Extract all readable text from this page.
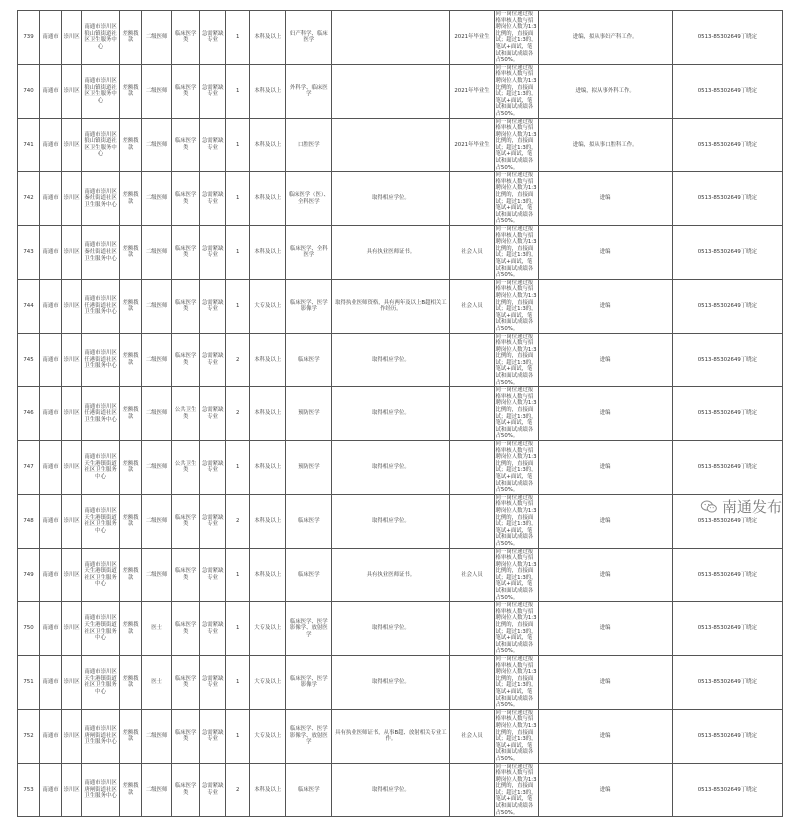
739	南通市	崇川区	南通市崇川区狼山镇街道社区卫生服务中心	差额拨款	二级医师	临床医学类	急需紧缺专业	1	本科及以上	妇产科学、临床医学		2021年毕业生	同一岗位递过报格审核人数与招聘岗位人数为1:3比例的，直接面试；超过1:3的，笔试+面试，笔试和面试成绩各占50%。	进编，拟从事妇产科工作。	0513-85302649丁晓定
740	南通市	崇川区	南通市崇川区狼山镇街道社区卫生服务中心	差额拨款	二级医师	临床医学类	急需紧缺专业	1	本科及以上	外科学、临床医学		2021年毕业生	同一岗位递过报格审核人数与招聘岗位人数为1:3比例的，直接面试；超过1:3的，笔试+面试，笔试和面试成绩各占50%。	进编，拟从事外科工作。	0513-85302649丁晓定
741	南通市	崇川区	南通市崇川区狼山镇街道社区卫生服务中心	差额拨款	二级医师	临床医学类	急需紧缺专业	1	本科及以上	口腔医学		2021年毕业生	同一岗位递过报格审核人数与招聘岗位人数为1:3比例的，直接面试；超过1:3的，笔试+面试，笔试和面试成绩各占50%。	进编，拟从事口腔科工作。	0513-85302649丁晓定
742	南通市	崇川区	南通市崇川区秦灶街道社区卫生服务中心	差额拨款	二级医师	临床医学类	急需紧缺专业	1	本科及以上	临床医学（医）、全科医学	取得相应学位。		同一岗位递过报格审核人数与招聘岗位人数为1:3比例的，直接面试；超过1:3的，笔试+面试，笔试和面试成绩各占50%。	进编	0513-85302649丁晓定
743	南通市	崇川区	南通市崇川区秦灶街道社区卫生服务中心	差额拨款	二级医师	临床医学类	急需紧缺专业	1	本科及以上	临床医学、全科医学	具有执业医师证书。	社会人员	同一岗位递过报格审核人数与招聘岗位人数为1:3比例的，直接面试；超过1:3的，笔试+面试，笔试和面试成绩各占50%。	进编	0513-85302649丁晓定
744	南通市	崇川区	南通市崇川区任港街道社区卫生服务中心	差额拨款	二级医师	临床医学类	急需紧缺专业	1	大专及以上	临床医学、医学影像学	取得执业医师资格，具有两年及以上B超相关工作经历。	社会人员	同一岗位递过报格审核人数与招聘岗位人数为1:3比例的，直接面试；超过1:3的，笔试+面试，笔试和面试成绩各占50%。	进编	0513-85302649丁晓定
745	南通市	崇川区	南通市崇川区任港街道社区卫生服务中心	差额拨款	二级医师	临床医学类	急需紧缺专业	2	本科及以上	临床医学	取得相应学位。		同一岗位递过报格审核人数与招聘岗位人数为1:3比例的，直接面试；超过1:3的，笔试+面试，笔试和面试成绩各占50%。	进编	0513-85302649丁晓定
746	南通市	崇川区	南通市崇川区任港街道社区卫生服务中心	差额拨款	二级医师	公共卫生类	急需紧缺专业	2	本科及以上	预防医学	取得相应学位。		同一岗位递过报格审核人数与招聘岗位人数为1:3比例的，直接面试；超过1:3的，笔试+面试，笔试和面试成绩各占50%。	进编	0513-85302649丁晓定
747	南通市	崇川区	南通市崇川区天生港镇街道社区卫生服务中心	差额拨款	二级医师	公共卫生类	急需紧缺专业	1	本科及以上	预防医学	取得相应学位。		同一岗位递过报格审核人数与招聘岗位人数为1:3比例的，直接面试；超过1:3的，笔试+面试，笔试和面试成绩各占50%。	进编	0513-85302649丁晓定
748	南通市	崇川区	南通市崇川区天生港镇街道社区卫生服务中心	差额拨款	二级医师	临床医学类	急需紧缺专业	2	本科及以上	临床医学	取得相应学位。		同一岗位递过报格审核人数与招聘岗位人数为1:3比例的，直接面试；超过1:3的，笔试+面试，笔试和面试成绩各占50%。	进编	0513-85302649丁晓定
749	南通市	崇川区	南通市崇川区天生港镇街道社区卫生服务中心	差额拨款	二级医师	临床医学类	急需紧缺专业	1	本科及以上	临床医学	具有执业医师证书。	社会人员	同一岗位递过报格审核人数与招聘岗位人数为1:3比例的，直接面试；超过1:3的，笔试+面试，笔试和面试成绩各占50%。	进编	0513-85302649丁晓定
750	南通市	崇川区	南通市崇川区天生港镇街道社区卫生服务中心	差额拨款	医士	临床医学类	急需紧缺专业	1	大专及以上	临床医学、医学影像学、放射医学	取得相应学位。		同一岗位递过报格审核人数与招聘岗位人数为1:3比例的，直接面试；超过1:3的，笔试+面试，笔试和面试成绩各占50%。	进编	0513-85302649丁晓定
751	南通市	崇川区	南通市崇川区天生港镇街道社区卫生服务中心	差额拨款	医士	临床医学类	急需紧缺专业	1	大专及以上	临床医学、医学影像学	取得相应学位。		同一岗位递过报格审核人数与招聘岗位人数为1:3比例的，直接面试；超过1:3的，笔试+面试，笔试和面试成绩各占50%。	进编	0513-85302649丁晓定
752	南通市	崇川区	南通市崇川区唐闸街道社区卫生服务中心	差额拨款	二级医师	临床医学类	急需紧缺专业	1	大专及以上	临床医学、医学影像学、放射医学	具有执业医师证书，从事B超、放射相关专业工作。	社会人员	同一岗位递过报格审核人数与招聘岗位人数为1:3比例的，直接面试；超过1:3的，笔试+面试，笔试和面试成绩各占50%。	进编	0513-85302649丁晓定
753	南通市	崇川区	南通市崇川区唐闸街道社区卫生服务中心	差额拨款	二级医师	临床医学类	急需紧缺专业	2	本科及以上	临床医学	取得相应学位。		同一岗位递过报格审核人数与招聘岗位人数为1:3比例的，直接面试；超过1:3的，笔试+面试，笔试和面试成绩各占50%。	进编	0513-85302649丁晓定
南通发布
